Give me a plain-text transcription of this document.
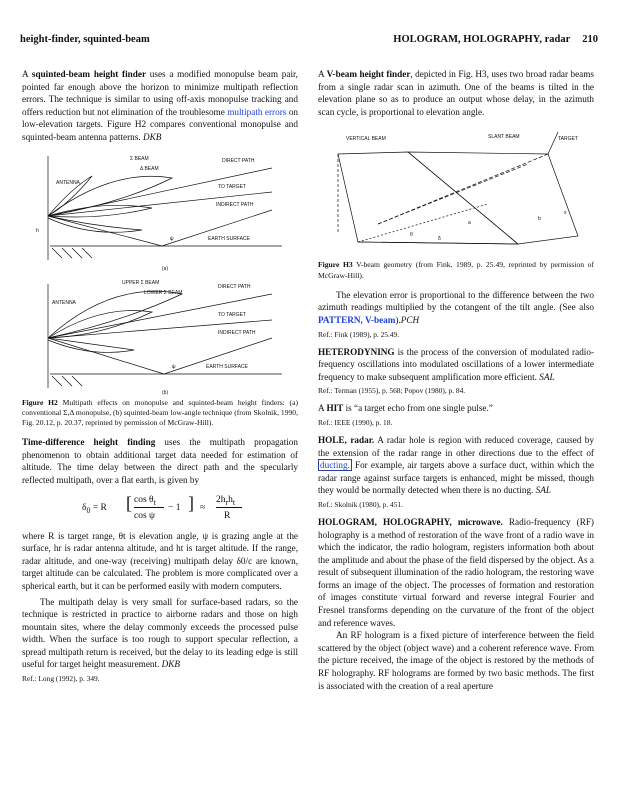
height-finder, squinted-beam	HOLOGRAM, HOLOGRAPHY, radar 210

A squinted-beam height finder uses a modified monopulse beam pair, pointed far enough above the horizon to minimize multipath reflection errors. The technique is similar to using off-axis monopulse tracking and offers reduction but not elimination of the troublesome multipath errors on low-elevation targets. Figure H2 compares conventional monopulse and squinted-beam antenna patterns. DKB

ANTENNA
Σ BEAM
Δ BEAM
DIRECT PATH
TO TARGET
INDIRECT PATH
EARTH SURFACE
(a)
h
ψ
UPPER Σ BEAM
LOWER Σ BEAM
ANTENNA
DIRECT PATH
TO TARGET
INDIRECT PATH
EARTH SURFACE
(b)
ψ

Figure H2 Multipath effects on monopulse and squinted-beam height finders: (a) conventional Σ,Δ monopulse, (b) squinted-beam low-angle technique (from Skolnik, 1990, Fig. 20.12, p. 20.37, reprinted by permission of McGraw-Hill).

Time-difference height finding uses the multipath propagation phenomenon to obtain additional target data needed for estimation of altitude. The time delay between the direct path and the specularly reflected multipath, over a flat earth, is given by

$\delta_0 = R$ [ $\cos \theta_t$
cos ψ
− 1 ] ≈
$2h_rh_t$
R

where R is target range, θt is elevation angle, ψ is grazing angle at the surface, hr is radar antenna altitude, and ht is target altitude. If the range, radar altitude, and one-way (receiving) multipath delay δ0/c are known, target altitude can be calculated. The problem is more complicated over a spherical earth, but it can be performed easily with modern computers.

The multipath delay is very small for surface-based radars, so the technique is restricted in practice to airborne radars and those on high mountain sites, where the delay commonly exceeds the processed pulse width. When the surface is too rough to support specular reflection, a spread multipath return is received, but the delay to its leading edge is still useful for target height measurement. DKB

Ref.: Long (1992), p. 349.

A V-beam height finder, depicted in Fig. H3, uses two broad radar beams from a single radar scan in azimuth. One of the beams is tilted in the elevation plane so as to produce an output whose delay, in the azimuth scan cycle, is proportional to elevation angle.

VERTICAL BEAM	SLANT BEAM	TARGET
θ
a
b
δ
x

Figure H3 V-beam geometry (from Fink, 1989, p. 25.49, reprinted by permission of McGraw-Hill).

The elevation error is proportional to the difference between the two azimuth readings multiplied by the cotangent of the tilt angle. (See also PATTERN, V-beam).PCH

Ref.: Fink (1989), p. 25.49.

HETERODYNING is the process of the conversion of modulated radio-frequency oscillations into modulated oscillations of a lower intermediate frequency to make subsequent amplification more efficient. SAL

Ref.: Terman (1955), p. 568; Popov (1980), p. 84.

A HIT is “a target echo from one single pulse.”

Ref.: IEEE (1990), p. 18.

HOLE, radar. A radar hole is region with reduced coverage, caused by the extension of the radar range in other directions due to the effect of ducting. For example, air targets above a surface duct, within which the radar range against surface targets is enhanced, might be missed, though they would be normally detected when there is no ducting. SAL

Ref.: Skolnik (1980), p. 451.

HOLOGRAM, HOLOGRAPHY, microwave. Radio-frequency (RF) holography is a method of restoration of the wave front of a radio wave in which the indicator, the radio hologram, registers information both about the amplitude and about the phase of the field dispersed by the object. As a result of subsequent illumination of the radio hologram, the restoring wave forms an image of the object. The processes of formation and restoration of images constitute virtual forward and reverse integral Fourier and Fresnel transforms depending on the curvature of the front of the object and reference waves.

An RF hologram is a fixed picture of interference between the field scattered by the object (object wave) and a coherent reference wave. From the picture received, the image of the object is restored by the methods of RF holography. RF holograms are formed by two basic methods. The first is associated with the creation of a real aperture
